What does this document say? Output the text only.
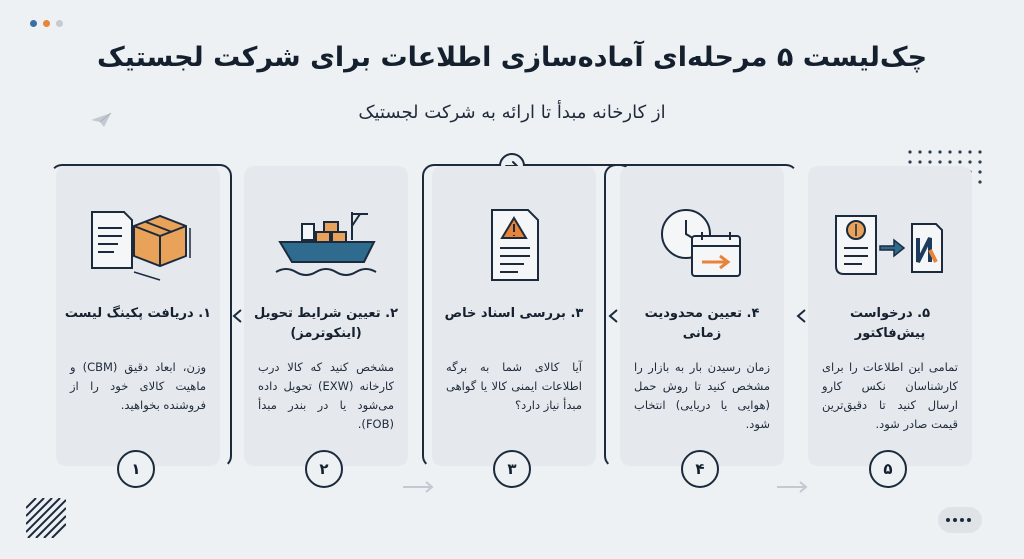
چک‌لیست ۵ مرحله‌ای آماده‌سازی اطلاعات برای شرکت لجستیک
از کارخانه مبدأ تا ارائه به شرکت لجستیک
۱. دریافت پکینگ لیست
وزن، ابعاد دقیق (CBM) و ماهیت کالای خود را از فروشنده بخواهید.
۱
۲. تعیین شرایط تحویل (اینکوترمز)
مشخص کنید که کالا درب کارخانه (EXW) تحویل داده می‌شود یا در بندر مبدأ (FOB).
۲
۳. بررسی اسناد خاص
آیا کالای شما به برگه اطلاعات ایمنی کالا یا گواهی مبدأ نیاز دارد؟
۳
۴. تعیین محدودیت زمانی
زمان رسیدن بار به بازار را مشخص کنید تا روش حمل (هوایی یا دریایی) انتخاب شود.
۴
۵. درخواست پیش‌فاکتور
تمامی این اطلاعات را برای کارشناسان نکس کارو ارسال کنید تا دقیق‌ترین قیمت صادر شود.
۵
